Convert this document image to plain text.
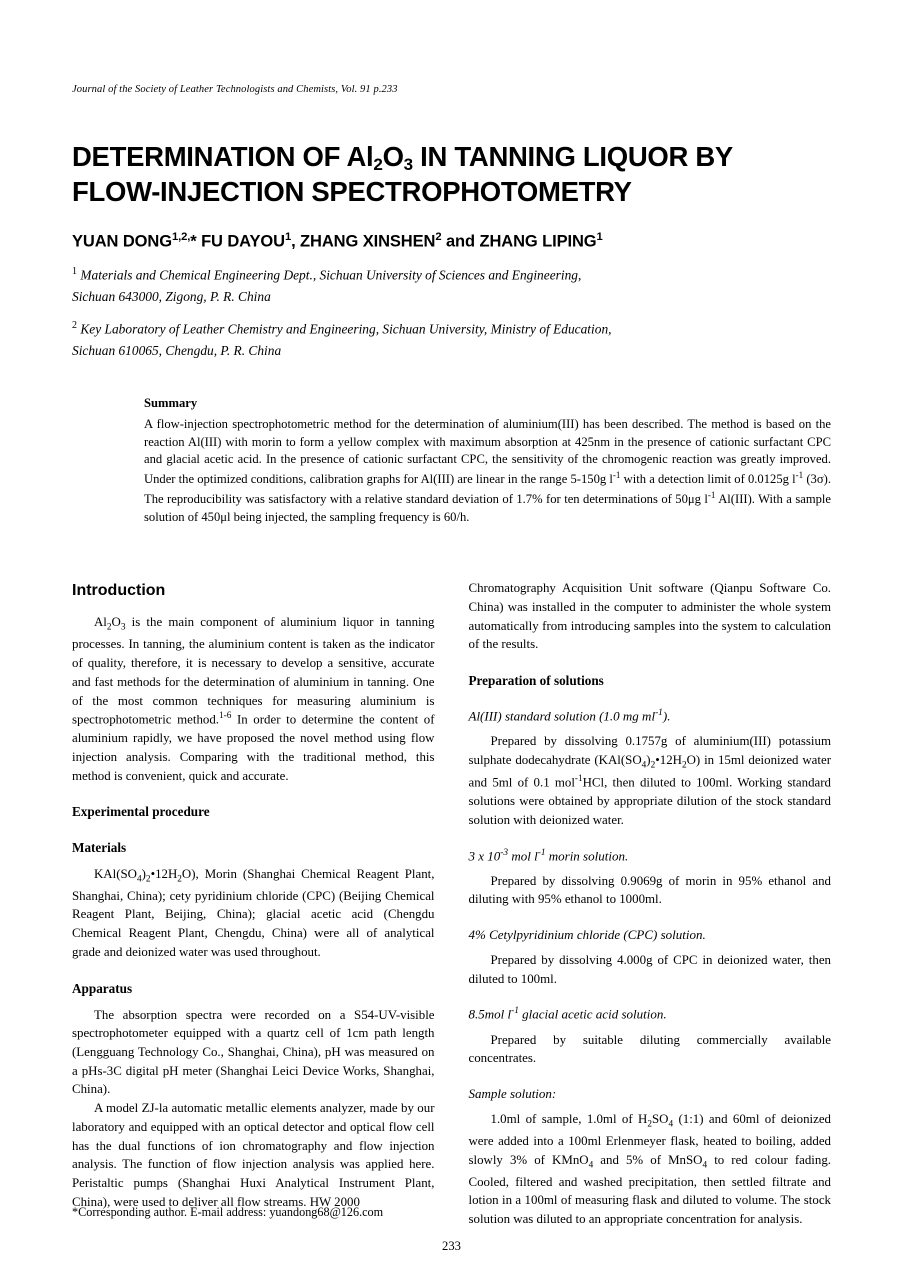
Journal of the Society of Leather Technologists and Chemists, Vol. 91 p.233
DETERMINATION OF $Al_2O_3$ IN TANNING LIQUOR BY
FLOW-INJECTION SPECTROPHOTOMETRY
YUAN $DONG^{1,2,}*$ FU DAYOU$^1$, ZHANG XINSHEN$^2$ and ZHANG LIPING$^1$
$^1$ Materials and Chemical Engineering Dept., Sichuan University of Sciences and Engineering,
Sichuan 643000, Zigong, P. R. China
$^2$ Key Laboratory of Leather Chemistry and Engineering, Sichuan University, Ministry of Education,
Sichuan 610065, Chengdu, P. R. China
Summary
A flow-injection spectrophotometric method for the determination of aluminium(III) has been described. The method is based on the reaction Al(III) with morin to form a yellow complex with maximum absorption at 425nm in the presence of cationic surfactant CPC and glacial acetic acid. In the presence of cationic surfactant CPC, the sensitivity of the chromogenic reaction was greatly improved. Under the optimized conditions, calibration graphs for Al(III) are linear in the range 5-150g $l^{-1}$ with a detection limit of 0.0125g $l^{-1}$ (3σ). The reproducibility was satisfactory with a relative standard deviation of 1.7% for ten determinations of 50μg $l^{-1}$ Al(III). With a sample solution of 450μl being injected, the sampling frequency is 60/h.
Introduction

$Al_2O_3$ is the main component of aluminium liquor in tanning processes. In tanning, the aluminium content is taken as the indicator of quality, therefore, it is necessary to develop a sensitive, accurate and fast methods for the determination of aluminium in tanning. One of the most common techniques for measuring aluminium is spectrophotometric method.$^{1-6}$ In order to determine the content of aluminium rapidly, we have proposed the novel method using flow injection analysis. Comparing with the traditional method, this method is convenient, quick and accurate.

Experimental procedure
Materials

$KAl(SO_4)_2•12H_2O$), Morin (Shanghai Chemical Reagent Plant, Shanghai, China); cety pyridinium chloride (CPC) (Beijing Chemical Reagent Plant, Beijing, China); glacial acetic acid (Chengdu Chemical Reagent Plant, Chengdu, China) were all of analytical grade and deionized water was used throughout.

Apparatus

The absorption spectra were recorded on a S54-UV-visible spectrophotometer equipped with a quartz cell of 1cm path length (Lengguang Technology Co., Shanghai, China), pH was measured on a pHs-3C digital pH meter (Shanghai Leici Device Works, Shanghai, China).

A model ZJ-la automatic metallic elements analyzer, made by our laboratory and equipped with an optical detector and optical flow cell has the dual functions of ion chromatography and flow injection analysis. The function of flow injection analysis was applied here. Peristaltic pumps (Shanghai Huxi Analytical Instrument Plant, China), were used to deliver all flow streams. HW 2000

Chromatography Acquisition Unit software (Qianpu Software Co. China) was installed in the computer to administer the whole system automatically from introducing samples into the system to calculation of the results.

Preparation of solutions
Al(III) standard solution (1.0 mg $ml^{-1}$).

Prepared by dissolving 0.1757g of aluminium(III) potassium sulphate dodecahydrate $(KAl(SO_4)_2•12H_2O)$ in 15ml deionized water and 5ml of 0.1 mol$^{-1}$HCl, then diluted to 100ml. Working standard solutions were obtained by appropriate dilution of the stock standard solution with deionized water.

3 x $10^{-3}$ mol $l^{-1}$ morin solution.

Prepared by dissolving 0.9069g of morin in 95% ethanol and diluting with 95% ethanol to 1000ml.

4% Cetylpyridinium chloride (CPC) solution.

Prepared by dissolving 4.000g of CPC in deionized water, then diluted to 100ml.

8.5mol $l^{-1}$ glacial acetic acid solution.

Prepared by suitable diluting commercially available concentrates.

Sample solution:

1.0ml of sample, 1.0ml of $H_2SO_4$ (1:1) and 60ml of deionized were added into a 100ml Erlenmeyer flask, heated to boiling, added slowly 3% of KMnO$_4$ and 5% of MnSO$_4$ to red colour fading. Cooled, filtered and washed precipitation, then settled filtrate and lotion in a 100ml of measuring flask and diluted to volume. The stock solution was diluted to an appropriate concentration for analysis.

*Corresponding author. E-mail address: yuandong68@126.com
233
